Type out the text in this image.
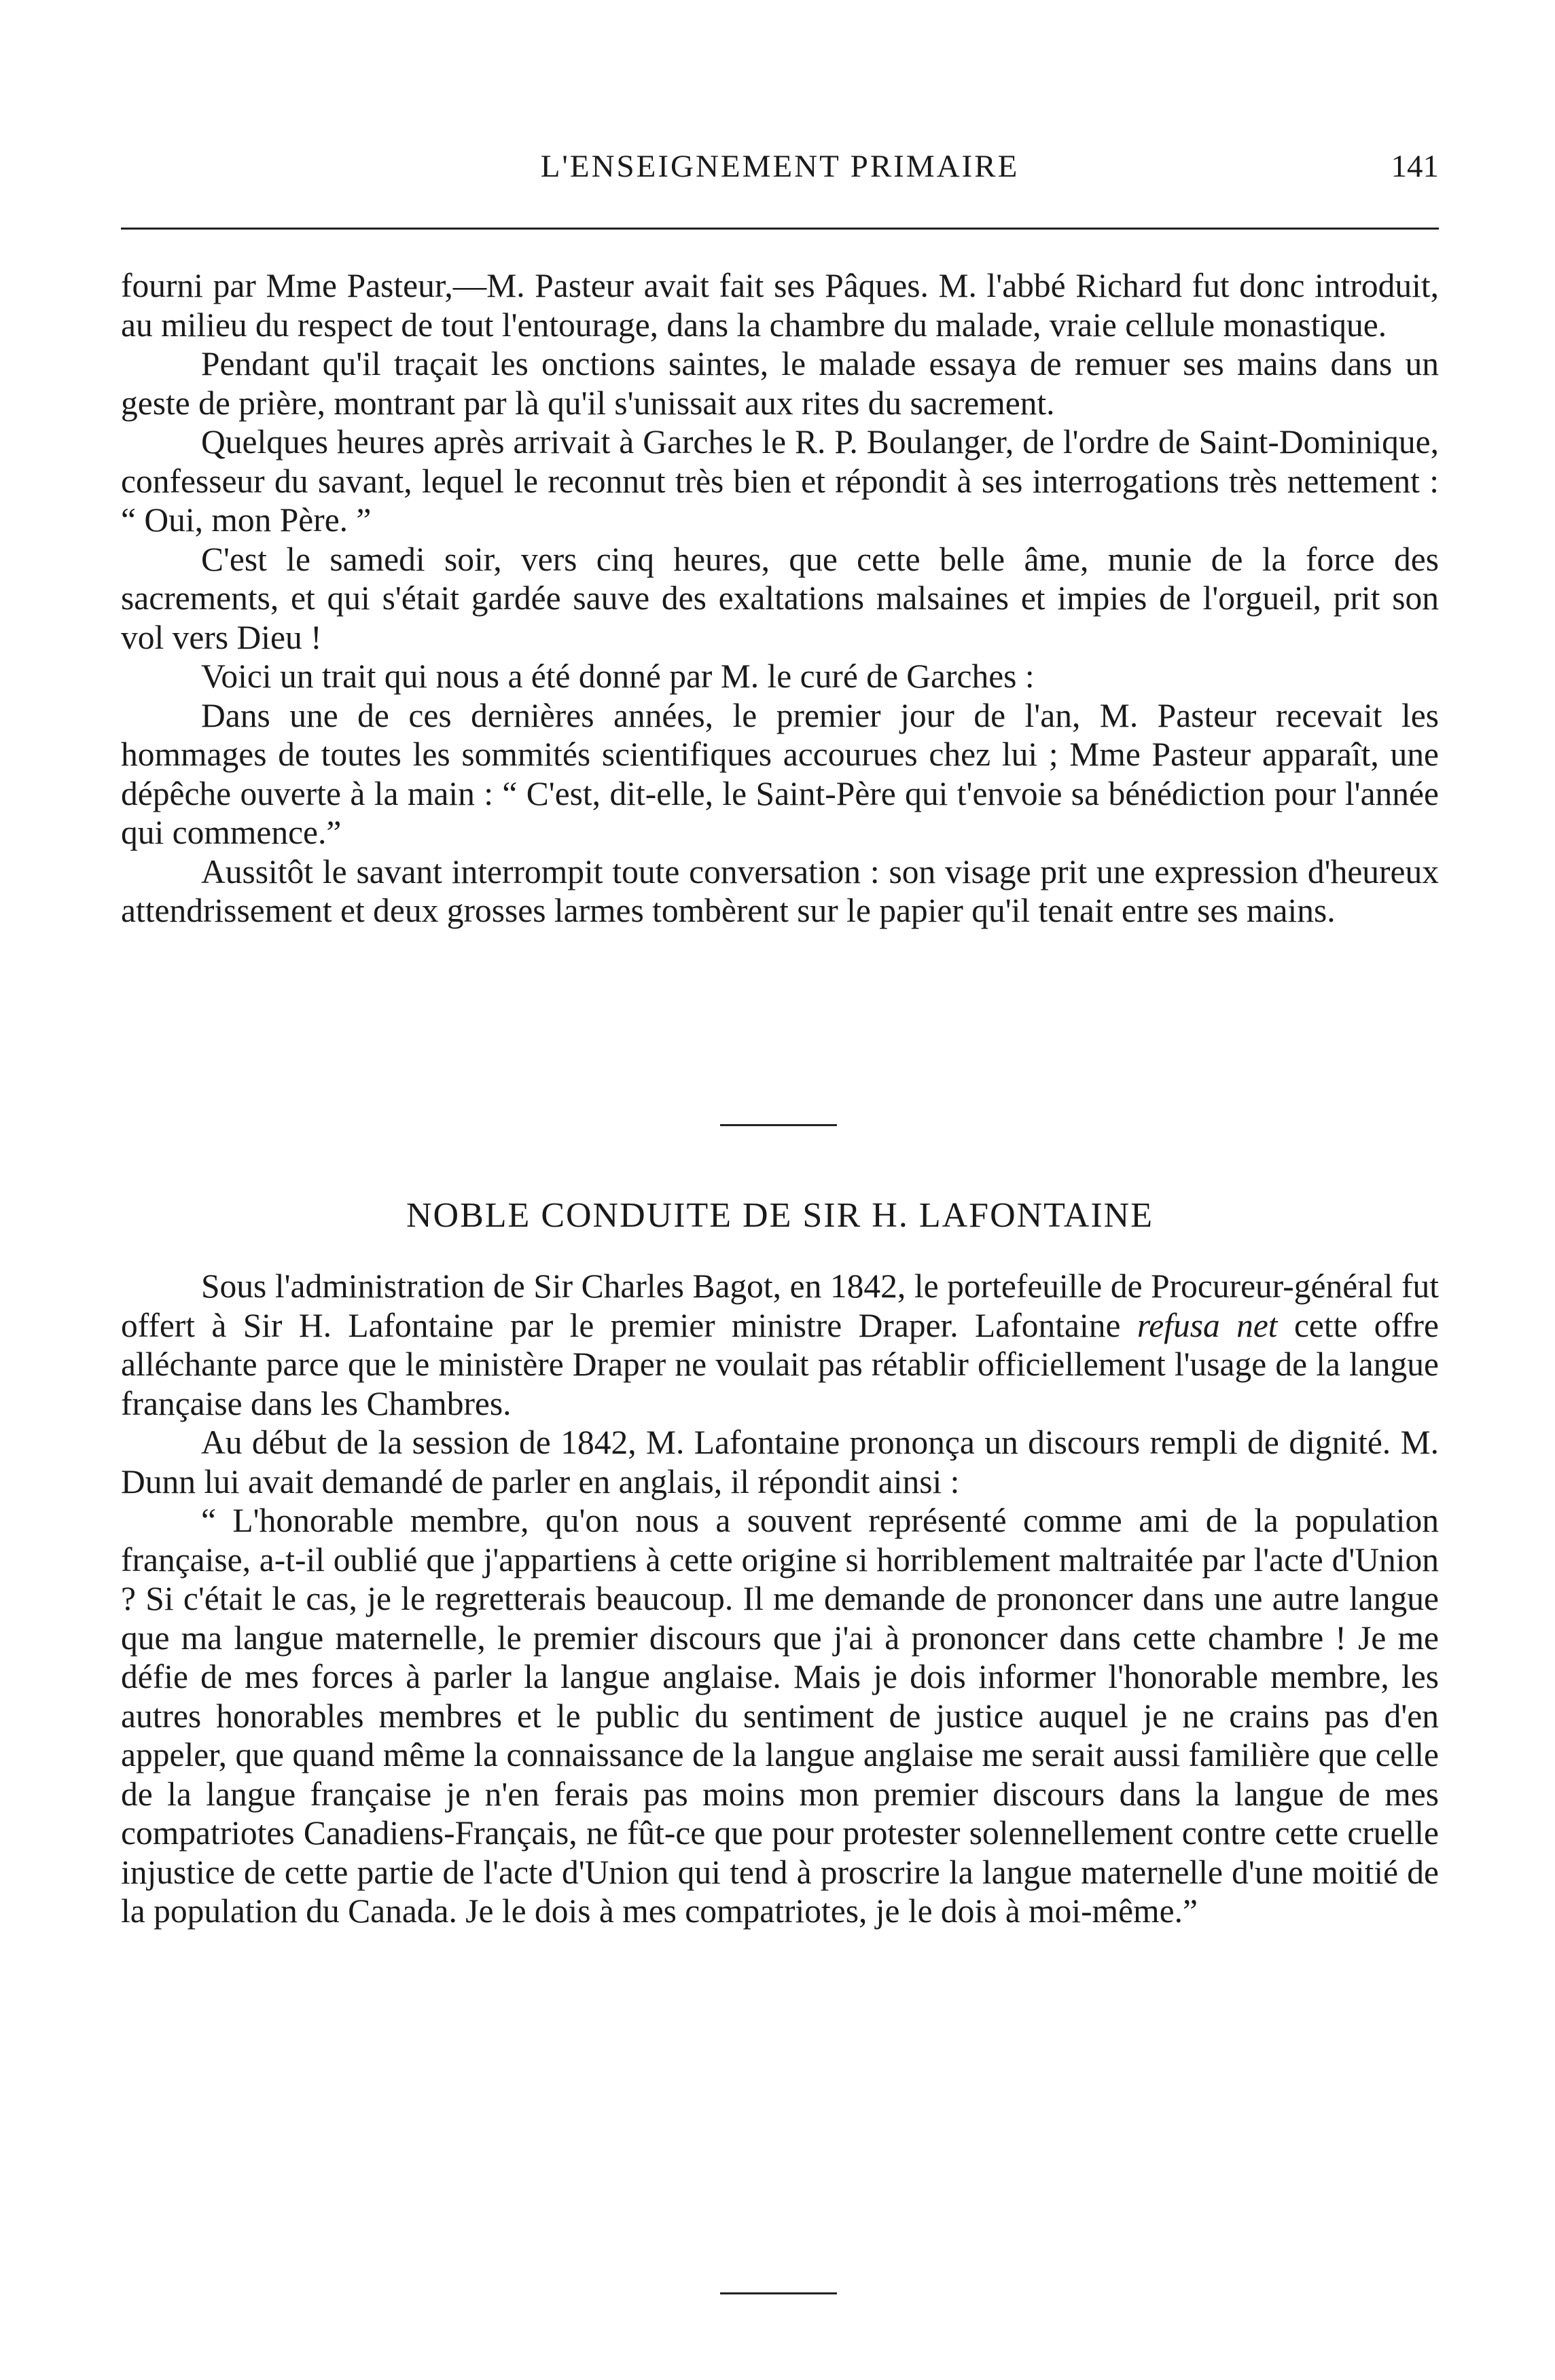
L'ENSEIGNEMENT PRIMAIRE	141

fourni par Mme Pasteur,—M. Pasteur avait fait ses Pâques. M. l'abbé Richard fut donc introduit, au milieu du respect de tout l'entourage, dans la chambre du malade, vraie cellule monastique.

Pendant qu'il traçait les onctions saintes, le malade essaya de remuer ses mains dans un geste de prière, montrant par là qu'il s'unissait aux rites du sacrement.

Quelques heures après arrivait à Garches le R. P. Boulanger, de l'ordre de Saint-Dominique, confesseur du savant, lequel le reconnut très bien et répondit à ses interrogations très nettement : “ Oui, mon Père. ”

C'est le samedi soir, vers cinq heures, que cette belle âme, munie de la force des sacrements, et qui s'était gardée sauve des exaltations malsaines et impies de l'orgueil, prit son vol vers Dieu !

Voici un trait qui nous a été donné par M. le curé de Garches :

Dans une de ces dernières années, le premier jour de l'an, M. Pasteur recevait les hommages de toutes les sommités scientifiques accourues chez lui ; Mme Pasteur apparaît, une dépêche ouverte à la main : “ C'est, dit-elle, le Saint-Père qui t'envoie sa bénédiction pour l'année qui commence.”

Aussitôt le savant interrompit toute conversation : son visage prit une expression d'heureux attendrissement et deux grosses larmes tombèrent sur le papier qu'il tenait entre ses mains.

NOBLE CONDUITE DE SIR H. LAFONTAINE

Sous l'administration de Sir Charles Bagot, en 1842, le portefeuille de Procureur-général fut offert à Sir H. Lafontaine par le premier ministre Draper. Lafontaine refusa net cette offre alléchante parce que le ministère Draper ne voulait pas rétablir officiellement l'usage de la langue française dans les Chambres.

Au début de la session de 1842, M. Lafontaine prononça un discours rempli de dignité. M. Dunn lui avait demandé de parler en anglais, il répondit ainsi :

“ L'honorable membre, qu'on nous a souvent représenté comme ami de la population française, a-t-il oublié que j'appartiens à cette origine si horriblement maltraitée par l'acte d'Union ? Si c'était le cas, je le regretterais beaucoup. Il me demande de prononcer dans une autre langue que ma langue maternelle, le premier discours que j'ai à prononcer dans cette chambre ! Je me défie de mes forces à parler la langue anglaise. Mais je dois informer l'honorable membre, les autres honorables membres et le public du sentiment de justice auquel je ne crains pas d'en appeler, que quand même la connaissance de la langue anglaise me serait aussi familière que celle de la langue française je n'en ferais pas moins mon premier discours dans la langue de mes compatriotes Canadiens-Français, ne fût-ce que pour protester solennellement contre cette cruelle injustice de cette partie de l'acte d'Union qui tend à proscrire la langue maternelle d'une moitié de la population du Canada. Je le dois à mes compatriotes, je le dois à moi-même.”
